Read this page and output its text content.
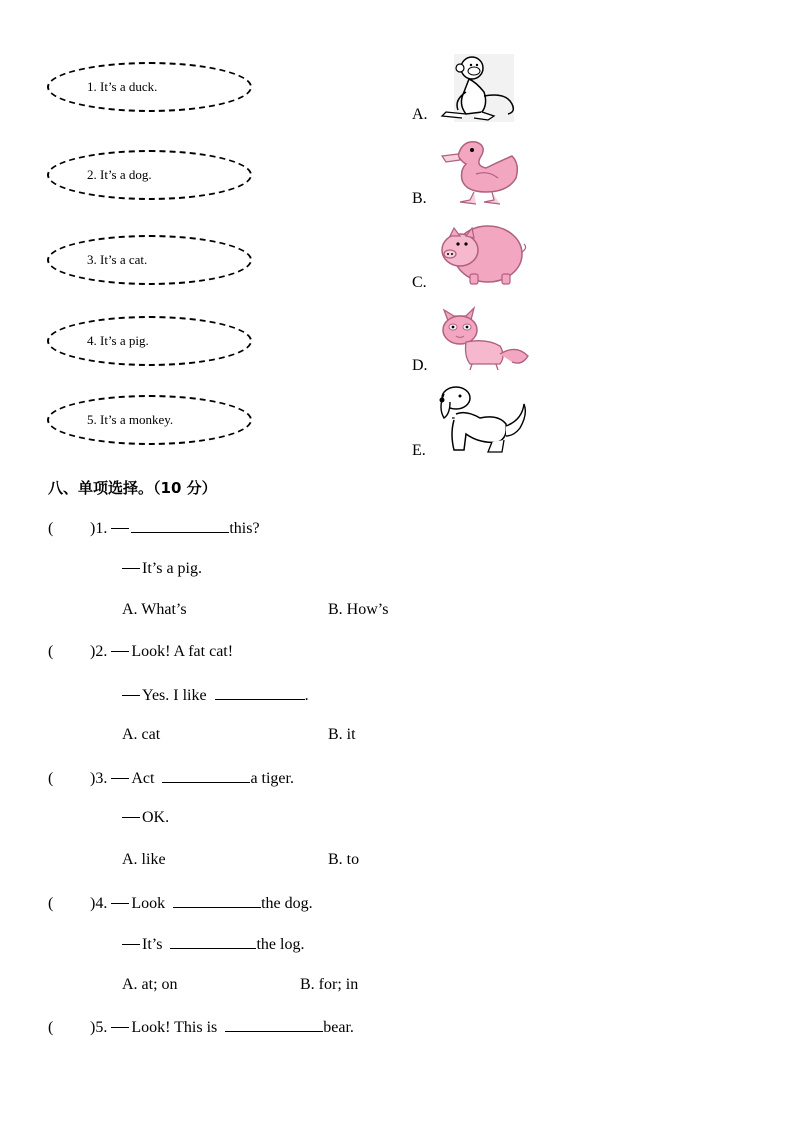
1. It’s a duck.
2. It’s a dog.
3. It’s a cat.
4. It’s a pig.
5. It’s a monkey.
A.
B.
C.
D.
E.
八、单项选择。（10 分）
( )1.	this?
It’s a pig.
A. What’s	B. How’s
( )2. Look! A fat cat!
Yes. I like	.
A. cat	B. it
( )3. Act	a tiger.
OK.
A. like	B. to
( )4. Look	the dog.
It’s	the log.
A. at; on	B. for; in
( )5. Look! This is	bear.
